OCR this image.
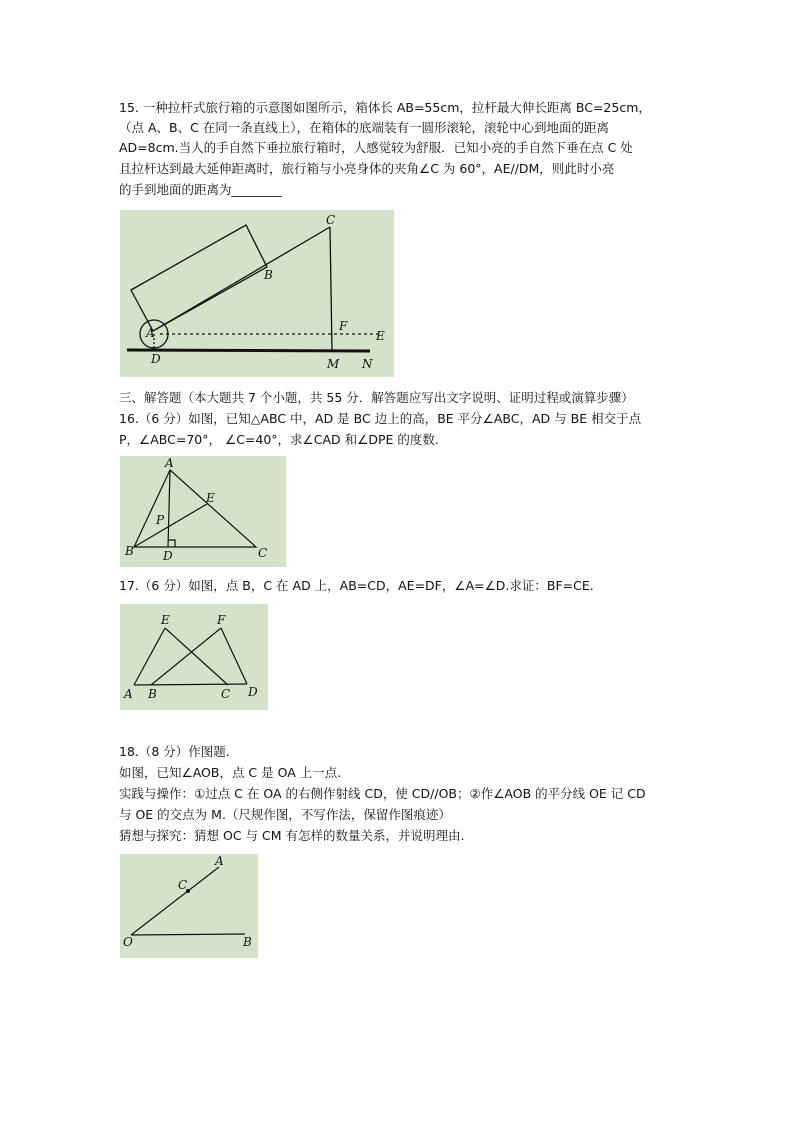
15. 一种拉杆式旅行箱的示意图如图所示，箱体长 AB=55cm，拉杆最大伸长距离 BC=25cm，
（点 A、B、C 在同一条直线上），在箱体的底端装有一圆形滚轮，滚轮中心到地面的距离
AD=8cm.当人的手自然下垂拉旅行箱时，人感觉较为舒服．已知小亮的手自然下垂在点 C 处
且拉杆达到最大延伸距离时，旅行箱与小亮身体的夹角∠C 为 60°，AE//DM，则此时小亮
的手到地面的距离为________
A
B
C
D
E
F
M N
三、解答题（本大题共 7 个小题，共 55 分．解答题应写出文字说明、证明过程或演算步骤）
16.（6 分）如图，已知△ABC 中，AD 是 BC 边上的高，BE 平分∠ABC，AD 与 BE 相交于点
P，∠ABC=70°， ∠C=40°，求∠CAD 和∠DPE 的度数.
A
B	C
D
E
P
17.（6 分）如图，点 B，C 在 AD 上，AB=CD，AE=DF，∠A=∠D.求证：BF=CE.
A B	C D
E	F
18.（8 分）作图题.
如图，已知∠AOB，点 C 是 OA 上一点.
实践与操作：①过点 C 在 OA 的右侧作射线 CD，使 CD//OB；②作∠AOB 的平分线 OE 记 CD
与 OE 的交点为 M.（尺规作图，不写作法，保留作图痕迹）
猜想与探究：猜想 OC 与 CM 有怎样的数量关系，并说明理由.
A
C
O	B
